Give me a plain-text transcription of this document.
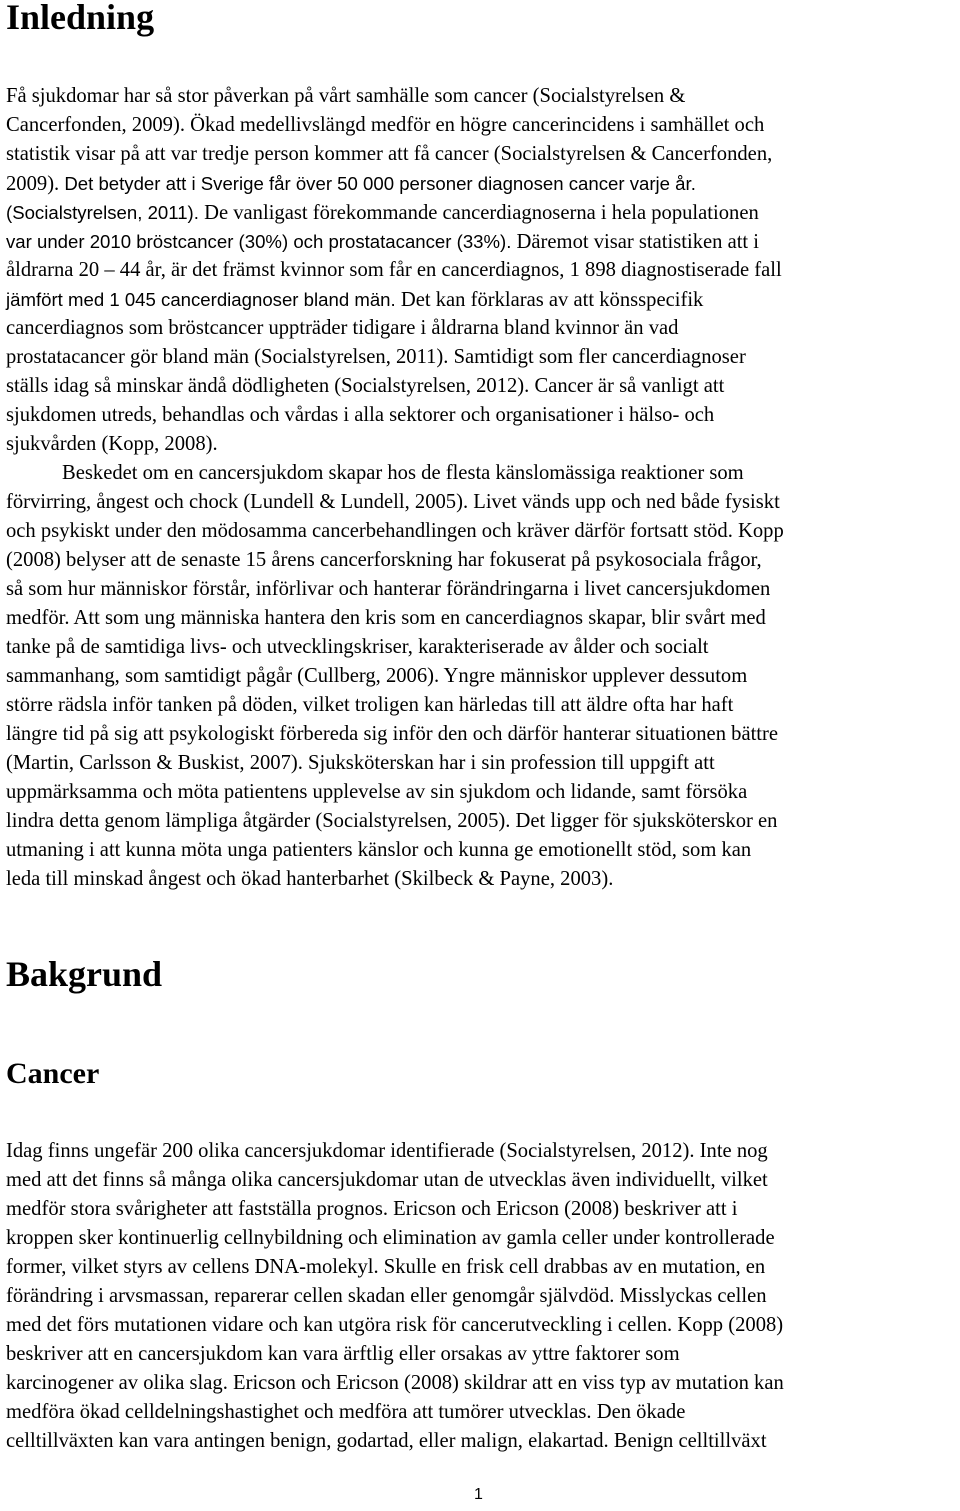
Inledning
Få sjukdomar har så stor påverkan på vårt samhälle som cancer (Socialstyrelsen &
Cancerfonden, 2009). Ökad medellivslängd medför en högre cancerincidens i samhället och
statistik visar på att var tredje person kommer att få cancer (Socialstyrelsen & Cancerfonden,
2009). Det betyder att i Sverige får över 50 000 personer diagnosen cancer varje år.
(Socialstyrelsen, 2011). De vanligast förekommande cancerdiagnoserna i hela populationen
var under 2010 bröstcancer (30%) och prostatacancer (33%). Däremot visar statistiken att i
åldrarna 20 – 44 år, är det främst kvinnor som får en cancerdiagnos, 1 898 diagnostiserade fall
jämfört med 1 045 cancerdiagnoser bland män. Det kan förklaras av att könsspecifik
cancerdiagnos som bröstcancer uppträder tidigare i åldrarna bland kvinnor än vad
prostatacancer gör bland män (Socialstyrelsen, 2011). Samtidigt som fler cancerdiagnoser
ställs idag så minskar ändå dödligheten (Socialstyrelsen, 2012). Cancer är så vanligt att
sjukdomen utreds, behandlas och vårdas i alla sektorer och organisationer i hälso- och
sjukvården (Kopp, 2008).
Beskedet om en cancersjukdom skapar hos de flesta känslomässiga reaktioner som
förvirring, ångest och chock (Lundell & Lundell, 2005). Livet vänds upp och ned både fysiskt
och psykiskt under den mödosamma cancerbehandlingen och kräver därför fortsatt stöd. Kopp
(2008) belyser att de senaste 15 årens cancerforskning har fokuserat på psykosociala frågor,
så som hur människor förstår, införlivar och hanterar förändringarna i livet cancersjukdomen
medför. Att som ung människa hantera den kris som en cancerdiagnos skapar, blir svårt med
tanke på de samtidiga livs- och utvecklingskriser, karakteriserade av ålder och socialt
sammanhang, som samtidigt pågår (Cullberg, 2006). Yngre människor upplever dessutom
större rädsla inför tanken på döden, vilket troligen kan härledas till att äldre ofta har haft
längre tid på sig att psykologiskt förbereda sig inför den och därför hanterar situationen bättre
(Martin, Carlsson & Buskist, 2007). Sjuksköterskan har i sin profession till uppgift att
uppmärksamma och möta patientens upplevelse av sin sjukdom och lidande, samt försöka
lindra detta genom lämpliga åtgärder (Socialstyrelsen, 2005). Det ligger för sjuksköterskor en
utmaning i att kunna möta unga patienters känslor och kunna ge emotionellt stöd, som kan
leda till minskad ångest och ökad hanterbarhet (Skilbeck & Payne, 2003).
Bakgrund
Cancer
Idag finns ungefär 200 olika cancersjukdomar identifierade (Socialstyrelsen, 2012). Inte nog
med att det finns så många olika cancersjukdomar utan de utvecklas även individuellt, vilket
medför stora svårigheter att fastställa prognos. Ericson och Ericson (2008) beskriver att i
kroppen sker kontinuerlig cellnybildning och elimination av gamla celler under kontrollerade
former, vilket styrs av cellens DNA-molekyl. Skulle en frisk cell drabbas av en mutation, en
förändring i arvsmassan, reparerar cellen skadan eller genomgår självdöd. Misslyckas cellen
med det förs mutationen vidare och kan utgöra risk för cancerutveckling i cellen. Kopp (2008)
beskriver att en cancersjukdom kan vara ärftlig eller orsakas av yttre faktorer som
karcinogener av olika slag. Ericson och Ericson (2008) skildrar att en viss typ av mutation kan
medföra ökad celldelningshastighet och medföra att tumörer utvecklas. Den ökade
celltillväxten kan vara antingen benign, godartad, eller malign, elakartad. Benign celltillväxt
1
